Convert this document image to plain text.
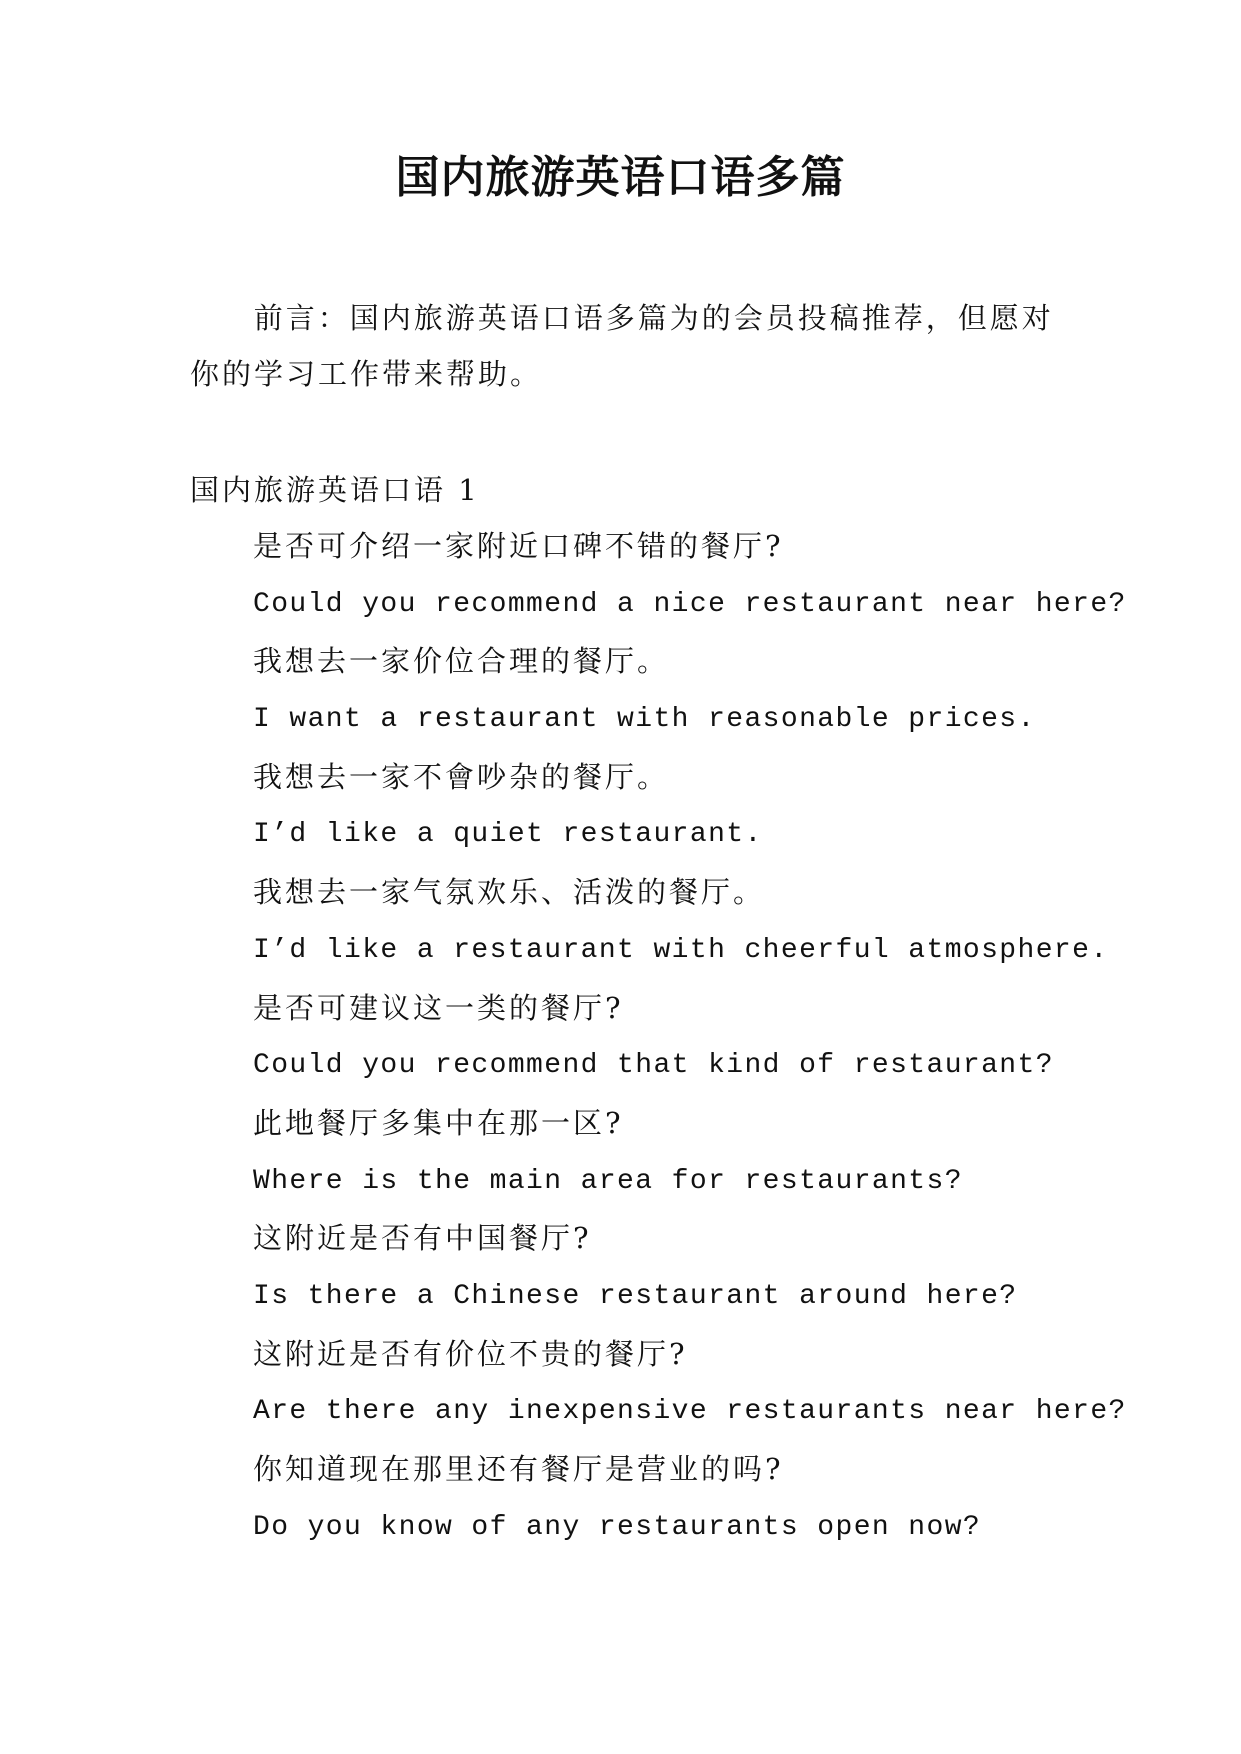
国内旅游英语口语多篇
前言：国内旅游英语口语多篇为的会员投稿推荐，但愿对你的学习工作带来帮助。
国内旅游英语口语 1
是否可介绍一家附近口碑不错的餐厅?
Could you recommend a nice restaurant near here?
我想去一家价位合理的餐厅。
I want a restaurant with reasonable prices.
我想去一家不會吵杂的餐厅。
I’d like a quiet restaurant.
我想去一家气氛欢乐、活泼的餐厅。
I’d like a restaurant with cheerful atmosphere.
是否可建议这一类的餐厅?
Could you recommend that kind of restaurant?
此地餐厅多集中在那一区?
Where is the main area for restaurants?
这附近是否有中国餐厅?
Is there a Chinese restaurant around here?
这附近是否有价位不贵的餐厅?
Are there any inexpensive restaurants near here?
你知道现在那里还有餐厅是营业的吗?
Do you know of any restaurants open now?
